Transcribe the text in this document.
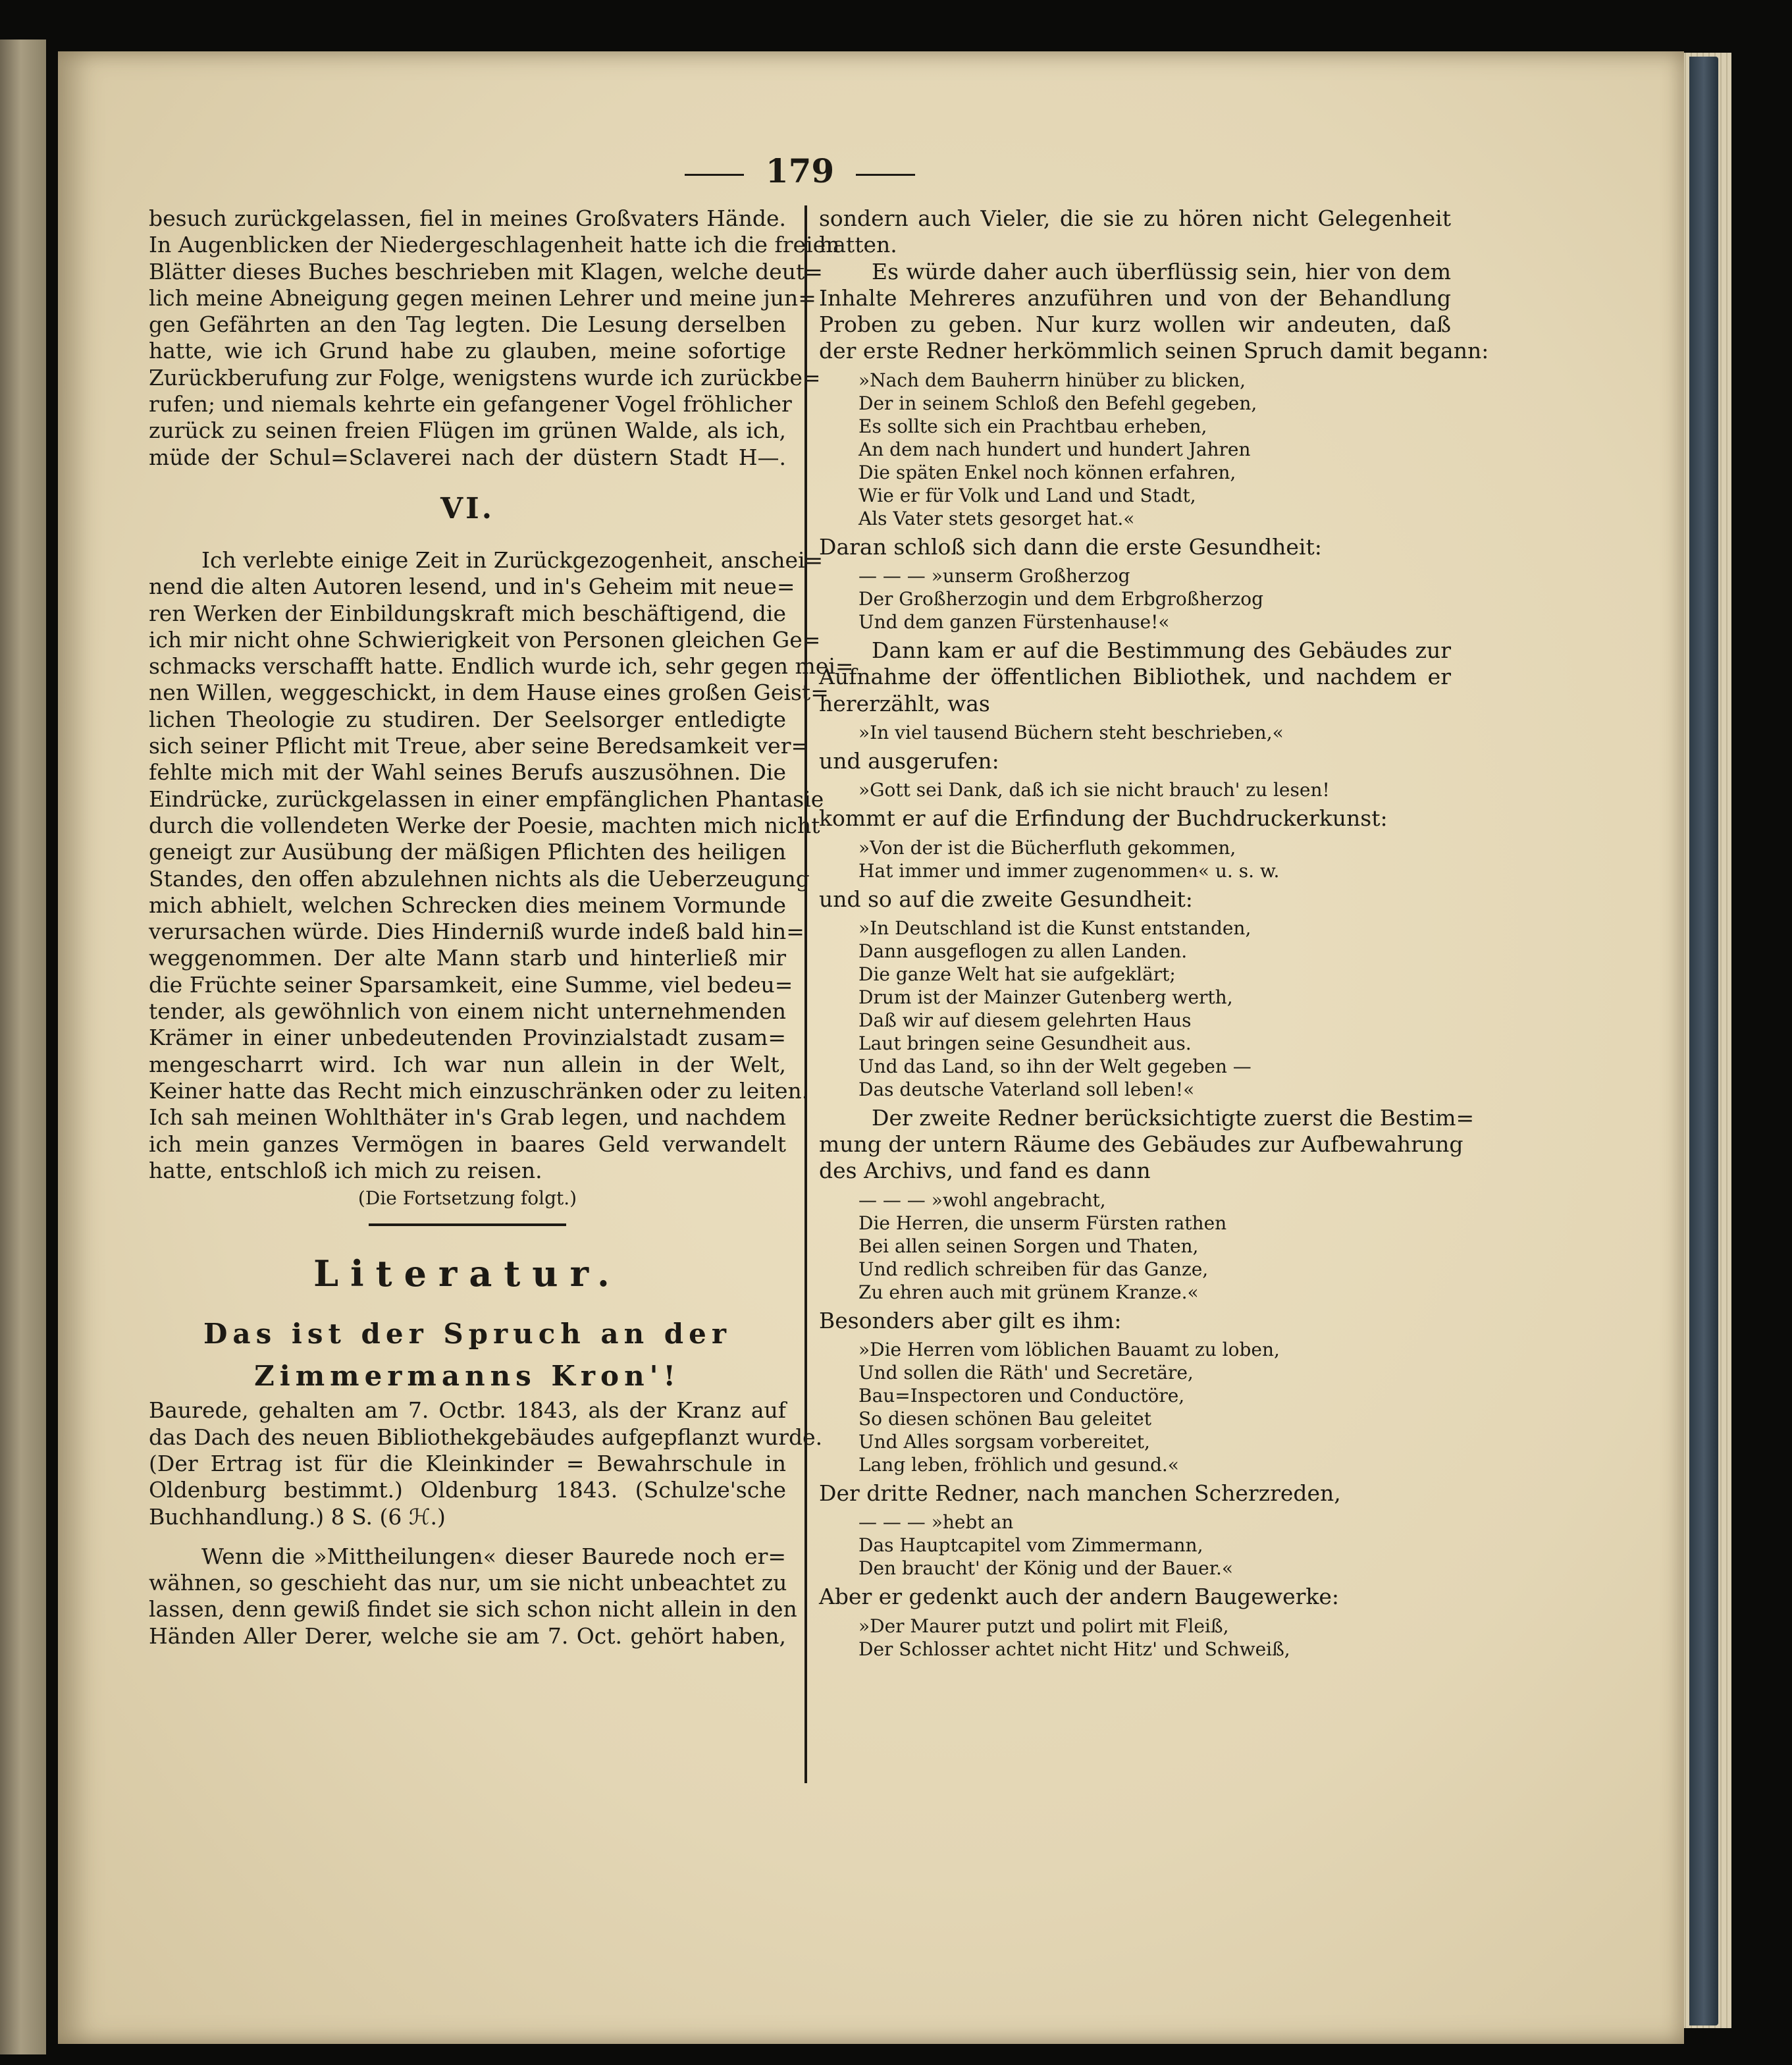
179
besuch zurückgelassen, fiel in meines Großvaters Hände.
In Augenblicken der Niedergeschlagenheit hatte ich die freien
Blätter dieses Buches beschrieben mit Klagen, welche deut=
lich meine Abneigung gegen meinen Lehrer und meine jun=
gen Gefährten an den Tag legten. Die Lesung derselben
hatte, wie ich Grund habe zu glauben, meine sofortige
Zurückberufung zur Folge, wenigstens wurde ich zurückbe=
rufen; und niemals kehrte ein gefangener Vogel fröhlicher
zurück zu seinen freien Flügen im grünen Walde, als ich,
müde der Schul=Sclaverei nach der düstern Stadt H—.
VI.
Ich verlebte einige Zeit in Zurückgezogenheit, anschei=
nend die alten Autoren lesend, und in's Geheim mit neue=
ren Werken der Einbildungskraft mich beschäftigend, die
ich mir nicht ohne Schwierigkeit von Personen gleichen Ge=
schmacks verschafft hatte. Endlich wurde ich, sehr gegen mei=
nen Willen, weggeschickt, in dem Hause eines großen Geist=
lichen Theologie zu studiren. Der Seelsorger entledigte
sich seiner Pflicht mit Treue, aber seine Beredsamkeit ver=
fehlte mich mit der Wahl seines Berufs auszusöhnen. Die
Eindrücke, zurückgelassen in einer empfänglichen Phantasie
durch die vollendeten Werke der Poesie, machten mich nicht
geneigt zur Ausübung der mäßigen Pflichten des heiligen
Standes, den offen abzulehnen nichts als die Ueberzeugung
mich abhielt, welchen Schrecken dies meinem Vormunde
verursachen würde. Dies Hinderniß wurde indeß bald hin=
weggenommen. Der alte Mann starb und hinterließ mir
die Früchte seiner Sparsamkeit, eine Summe, viel bedeu=
tender, als gewöhnlich von einem nicht unternehmenden
Krämer in einer unbedeutenden Provinzialstadt zusam=
mengescharrt wird. Ich war nun allein in der Welt,
Keiner hatte das Recht mich einzuschränken oder zu leiten.
Ich sah meinen Wohlthäter in's Grab legen, und nachdem
ich mein ganzes Vermögen in baares Geld verwandelt
hatte, entschloß ich mich zu reisen.
(Die Fortsetzung folgt.)
Literatur.
Das ist der Spruch an der
Zimmermanns Kron'!
Baurede, gehalten am 7. Octbr. 1843, als der Kranz auf
das Dach des neuen Bibliothekgebäudes aufgepflanzt wurde.
(Der Ertrag ist für die Kleinkinder = Bewahrschule in
Oldenburg bestimmt.) Oldenburg 1843. (Schulze'sche
Buchhandlung.) 8 S. (6 ℋ.)
Wenn die »Mittheilungen« dieser Baurede noch er=
wähnen, so geschieht das nur, um sie nicht unbeachtet zu
lassen, denn gewiß findet sie sich schon nicht allein in den
Händen Aller Derer, welche sie am 7. Oct. gehört haben,
sondern auch Vieler, die sie zu hören nicht Gelegenheit
hatten.
Es würde daher auch überflüssig sein, hier von dem
Inhalte Mehreres anzuführen und von der Behandlung
Proben zu geben. Nur kurz wollen wir andeuten, daß
der erste Redner herkömmlich seinen Spruch damit begann:
»Nach dem Bauherrn hinüber zu blicken,
Der in seinem Schloß den Befehl gegeben,
Es sollte sich ein Prachtbau erheben,
An dem nach hundert und hundert Jahren
Die späten Enkel noch können erfahren,
Wie er für Volk und Land und Stadt,
Als Vater stets gesorget hat.«
Daran schloß sich dann die erste Gesundheit:
— — — »unserm Großherzog
Der Großherzogin und dem Erbgroßherzog
Und dem ganzen Fürstenhause!«
Dann kam er auf die Bestimmung des Gebäudes zur
Aufnahme der öffentlichen Bibliothek, und nachdem er
hererzählt, was
»In viel tausend Büchern steht beschrieben,«
und ausgerufen:
»Gott sei Dank, daß ich sie nicht brauch' zu lesen!
kommt er auf die Erfindung der Buchdruckerkunst:
»Von der ist die Bücherfluth gekommen,
Hat immer und immer zugenommen« u. s. w.
und so auf die zweite Gesundheit:
»In Deutschland ist die Kunst entstanden,
Dann ausgeflogen zu allen Landen.
Die ganze Welt hat sie aufgeklärt;
Drum ist der Mainzer Gutenberg werth,
Daß wir auf diesem gelehrten Haus
Laut bringen seine Gesundheit aus.
Und das Land, so ihn der Welt gegeben —
Das deutsche Vaterland soll leben!«
Der zweite Redner berücksichtigte zuerst die Bestim=
mung der untern Räume des Gebäudes zur Aufbewahrung
des Archivs, und fand es dann
— — — »wohl angebracht,
Die Herren, die unserm Fürsten rathen
Bei allen seinen Sorgen und Thaten,
Und redlich schreiben für das Ganze,
Zu ehren auch mit grünem Kranze.«
Besonders aber gilt es ihm:
»Die Herren vom löblichen Bauamt zu loben,
Und sollen die Räth' und Secretäre,
Bau=Inspectoren und Conductöre,
So diesen schönen Bau geleitet
Und Alles sorgsam vorbereitet,
Lang leben, fröhlich und gesund.«
Der dritte Redner, nach manchen Scherzreden,
— — — »hebt an
Das Hauptcapitel vom Zimmermann,
Den braucht' der König und der Bauer.«
Aber er gedenkt auch der andern Baugewerke:
»Der Maurer putzt und polirt mit Fleiß,
Der Schlosser achtet nicht Hitz' und Schweiß,
